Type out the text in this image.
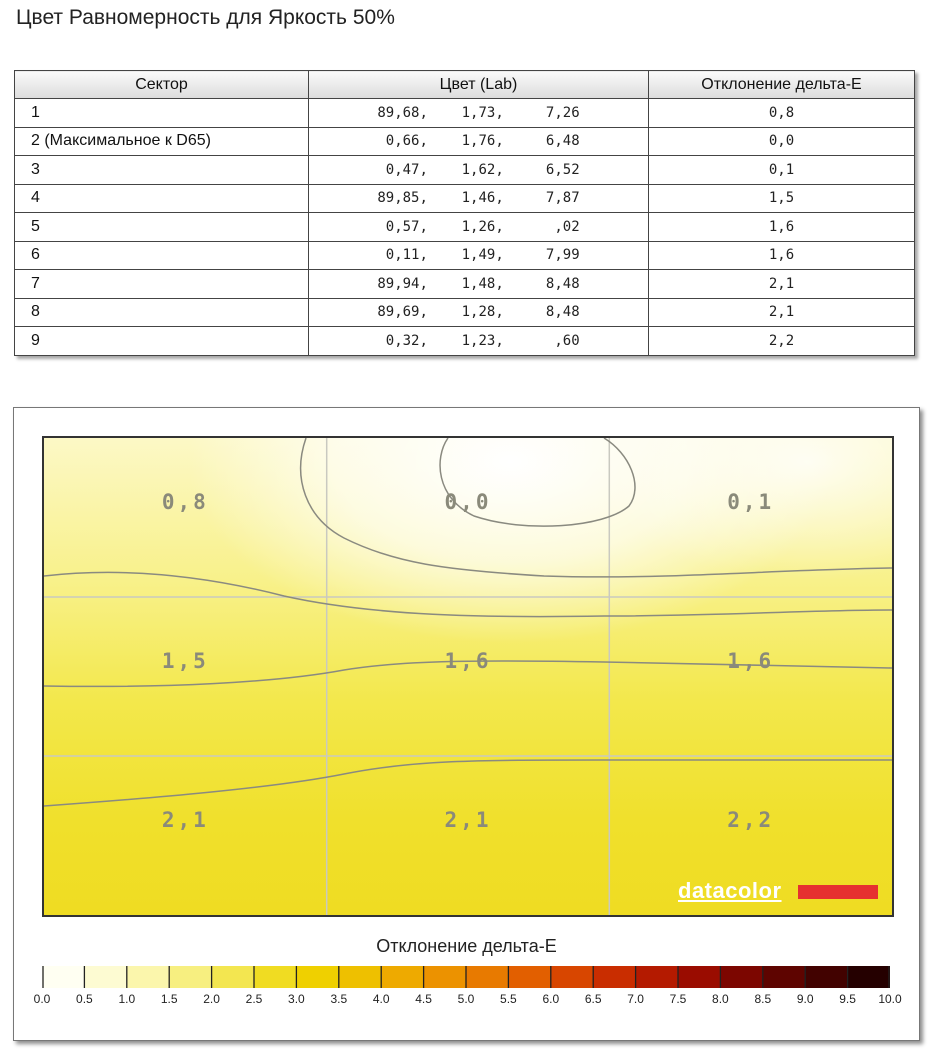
Цвет Равномерность для Яркость 50%
Сектор	Цвет (Lab)	Отклонение дельта-E
1	89,68,    1,73,     7,26	0,8
2 (Максимальное к D65)	0,66,    1,76,     6,48	0,0
3	0,47,    1,62,     6,52	0,1
4	89,85,    1,46,     7,87	1,5
5	0,57,    1,26,      ,02	1,6
6	0,11,    1,49,     7,99	1,6
7	89,94,    1,48,     8,48	2,1
8	89,69,    1,28,     8,48	2,1
9	0,32,    1,23,      ,60	2,2
0,8	0,0	0,1
1,5	1,6	1,6
2,1	2,1	2,2
datacolor
Отклонение дельта-E
0.0	0.5	1.0	1.5	2.0	2.5	3.0	3.5	4.0	4.5	5.0	5.5	6.0	6.5	7.0	7.5	8.0	8.5	9.0	9.5	10.0
